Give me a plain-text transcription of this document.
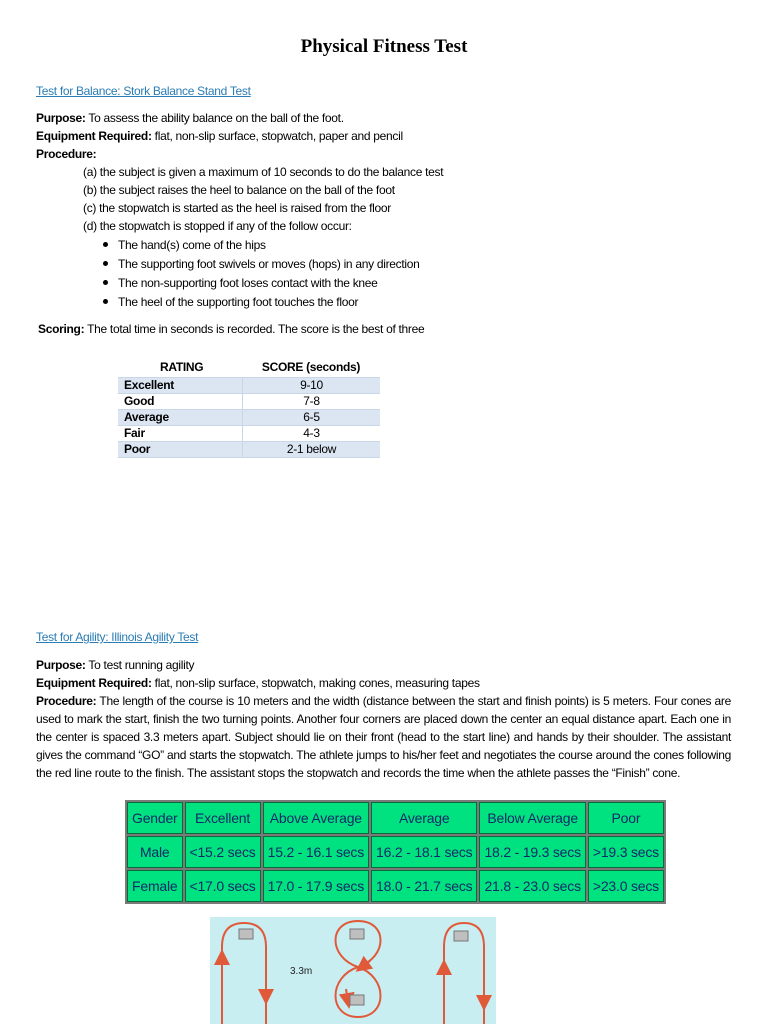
Physical Fitness Test
Test for Balance: Stork Balance Stand Test
Purpose: To assess the ability balance on the ball of the foot.
Equipment Required: flat, non-slip surface, stopwatch, paper and pencil
Procedure:
(a) the subject is given a maximum of 10 seconds to do the balance test
(b) the subject raises the heel to balance on the ball of the foot
(c) the stopwatch is started as the heel is raised from the floor
(d) the stopwatch is stopped if any of the follow occur:
The hand(s) come of the hips
The supporting foot swivels or moves (hops) in any direction
The non-supporting foot loses contact with the knee
The heel of the supporting foot touches the floor
Scoring: The total time in seconds is recorded. The score is the best of three
RATING	SCORE (seconds)
Excellent	9-10
Good	7-8
Average	6-5
Fair	4-3
Poor	2-1 below
Test for Agility: Illinois Agility Test
Purpose: To test running agility
Equipment Required: flat, non-slip surface, stopwatch, making cones, measuring tapes
Procedure: The length of the course is 10 meters and the width (distance between the start and finish points) is 5 meters. Four cones are used to mark the start, finish the two turning points. Another four corners are placed down the center an equal distance apart. Each one in the center is spaced 3.3 meters apart. Subject should lie on their front (head to the start line) and hands by their shoulder. The assistant gives the command “GO” and starts the stopwatch. The athlete jumps to his/her feet and negotiates the course around the cones following the red line route to the finish. The assistant stops the stopwatch and records the time when the athlete passes the “Finish” cone.
Gender	Excellent	Above Average	Average	Below Average	Poor
Male	<15.2 secs	15.2 - 16.1 secs	16.2 - 18.1 secs	18.2 - 19.3 secs	>19.3 secs
Female	<17.0 secs	17.0 - 17.9 secs	18.0 - 21.7 secs	21.8 - 23.0 secs	>23.0 secs
3.3m
